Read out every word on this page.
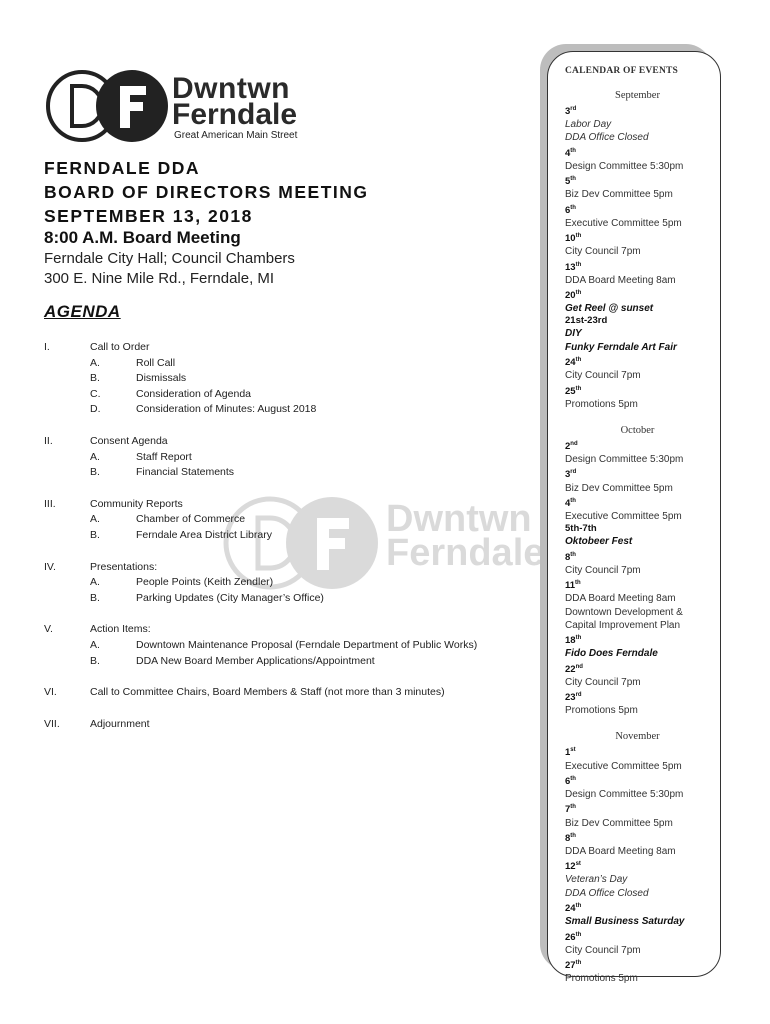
Dwntwn
Ferndale
Great American Main Street
Dwntwn
Ferndale
FERNDALE DDA
BOARD OF DIRECTORS MEETING
SEPTEMBER 13, 2018
8:00 A.M. Board Meeting
Ferndale City Hall; Council Chambers
300 E. Nine Mile Rd., Ferndale, MI
AGENDA
I.	Call to Order
A.	Roll Call
B.	Dismissals
C.	Consideration of Agenda
D.	Consideration of Minutes: August 2018
II.	Consent Agenda
A.	Staff Report
B.	Financial Statements
III.	Community Reports
A.	Chamber of Commerce
B.	Ferndale Area District Library
IV.	Presentations:
A.	People Points (Keith Zendler)
B.	Parking Updates (City Manager’s Office)
V.	Action Items:
A.	Downtown Maintenance Proposal (Ferndale Department of Public Works)
B.	DDA New Board Member Applications/Appointment
VI.	Call to Committee Chairs, Board Members & Staff (not more than 3 minutes)
VII.	Adjournment
CALENDAR OF EVENTS
September
3rd
Labor Day
DDA Office Closed
4th
Design Committee 5:30pm
5th
Biz Dev Committee 5pm
6th
Executive Committee 5pm
10th
City Council 7pm
13th
DDA Board Meeting 8am
20th
Get Reel @ sunset
21st-23rd
DIY
Funky Ferndale Art Fair
24th
City Council 7pm
25th
Promotions 5pm
October
2nd
Design Committee 5:30pm
3rd
Biz Dev Committee 5pm
4th
Executive Committee 5pm
5th-7th
Oktobeer Fest
8th
City Council 7pm
11th
DDA Board Meeting 8am
Downtown Development &
Capital Improvement Plan
18th
Fido Does Ferndale
22nd
City Council 7pm
23rd
Promotions 5pm
November
1st
Executive Committee 5pm
6th
Design Committee 5:30pm
7th
Biz Dev Committee 5pm
8th
DDA Board Meeting 8am
12st
Veteran’s Day
DDA Office Closed
24th
Small Business Saturday
26th
City Council 7pm
27th
Promotions 5pm
